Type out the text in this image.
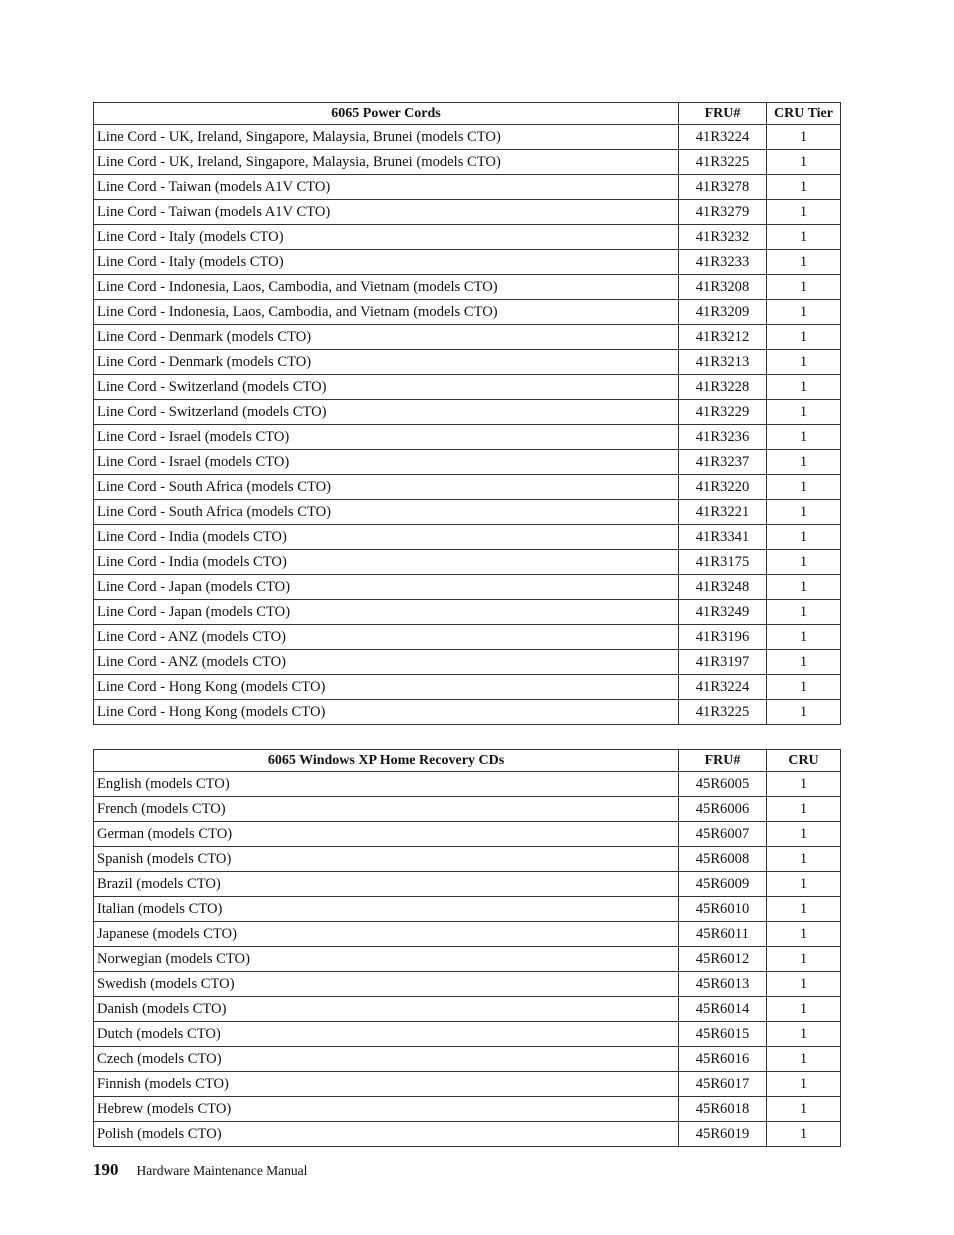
6065 Power Cords	FRU#	CRU Tier
Line Cord - UK, Ireland, Singapore, Malaysia, Brunei (models CTO)	41R3224	1
Line Cord - UK, Ireland, Singapore, Malaysia, Brunei (models CTO)	41R3225	1
Line Cord - Taiwan (models A1V CTO)	41R3278	1
Line Cord - Taiwan (models A1V CTO)	41R3279	1
Line Cord - Italy (models CTO)	41R3232	1
Line Cord - Italy (models CTO)	41R3233	1
Line Cord - Indonesia, Laos, Cambodia, and Vietnam (models CTO)	41R3208	1
Line Cord - Indonesia, Laos, Cambodia, and Vietnam (models CTO)	41R3209	1
Line Cord - Denmark (models CTO)	41R3212	1
Line Cord - Denmark (models CTO)	41R3213	1
Line Cord - Switzerland (models CTO)	41R3228	1
Line Cord - Switzerland (models CTO)	41R3229	1
Line Cord - Israel (models CTO)	41R3236	1
Line Cord - Israel (models CTO)	41R3237	1
Line Cord - South Africa (models CTO)	41R3220	1
Line Cord - South Africa (models CTO)	41R3221	1
Line Cord - India (models CTO)	41R3341	1
Line Cord - India (models CTO)	41R3175	1
Line Cord - Japan (models CTO)	41R3248	1
Line Cord - Japan (models CTO)	41R3249	1
Line Cord - ANZ (models CTO)	41R3196	1
Line Cord - ANZ (models CTO)	41R3197	1
Line Cord - Hong Kong (models CTO)	41R3224	1
Line Cord - Hong Kong (models CTO)	41R3225	1
6065 Windows XP Home Recovery CDs	FRU#	CRU
English (models CTO)	45R6005	1
French (models CTO)	45R6006	1
German (models CTO)	45R6007	1
Spanish (models CTO)	45R6008	1
Brazil (models CTO)	45R6009	1
Italian (models CTO)	45R6010	1
Japanese (models CTO)	45R6011	1
Norwegian (models CTO)	45R6012	1
Swedish (models CTO)	45R6013	1
Danish (models CTO)	45R6014	1
Dutch (models CTO)	45R6015	1
Czech (models CTO)	45R6016	1
Finnish (models CTO)	45R6017	1
Hebrew (models CTO)	45R6018	1
Polish (models CTO)	45R6019	1
190 Hardware Maintenance Manual
